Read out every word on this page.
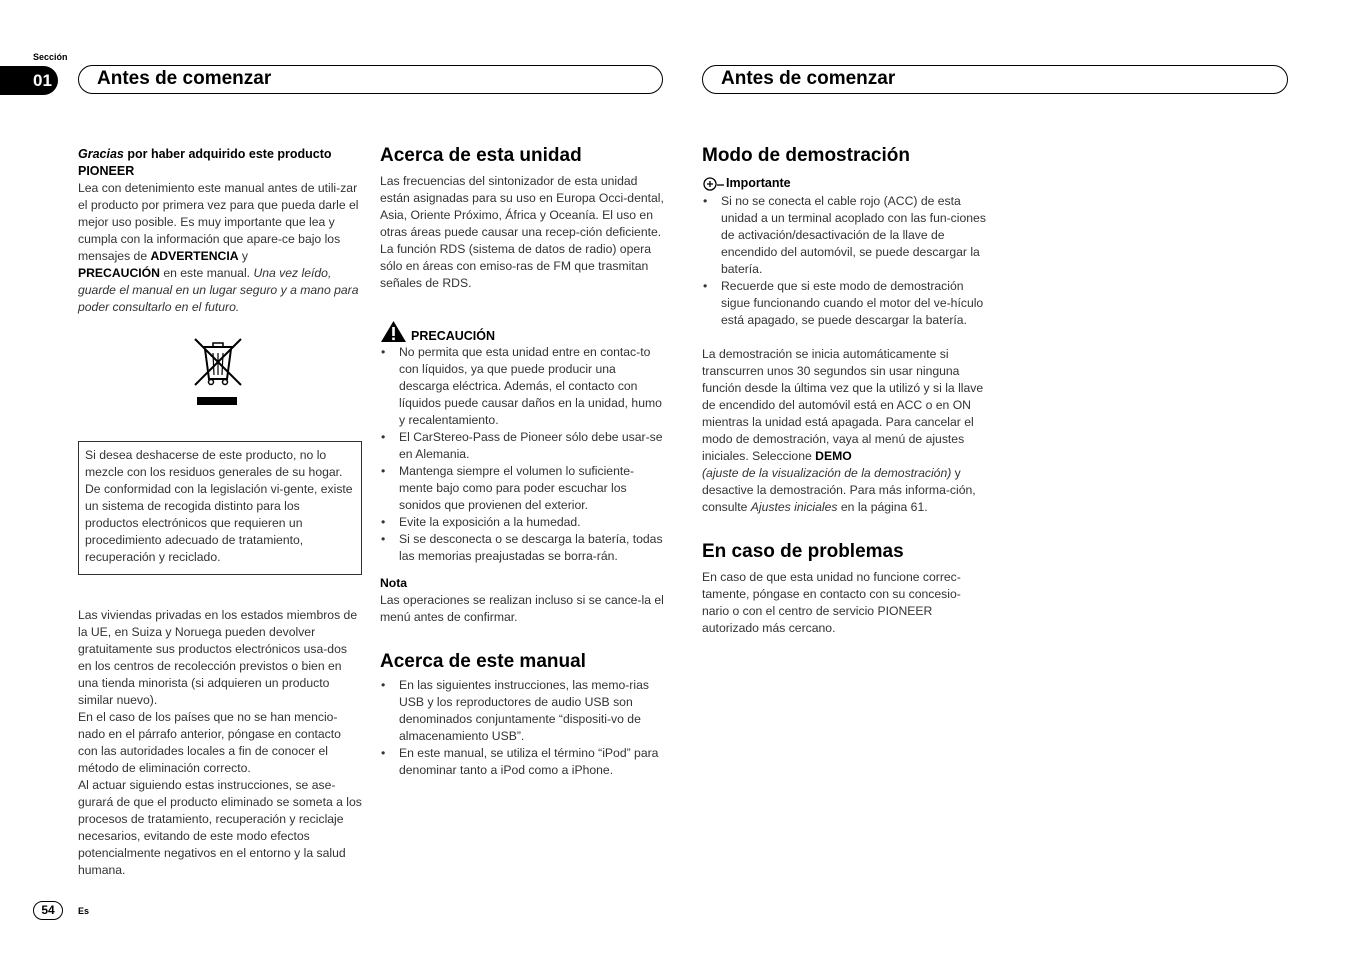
Sección
01	Antes de comenzar	Antes de comenzar

Gracias por haber adquirido este producto

PIONEER

Lea con detenimiento este manual antes de utili-zar el producto por primera vez para que pueda darle el mejor uso posible. Es muy importante que lea y cumpla con la información que apare-ce bajo los mensajes de ADVERTENCIA y
PRECAUCIÓN en este manual. Una vez leído, guarde el manual en un lugar seguro y a mano para poder consultarlo en el futuro.

Si desea deshacerse de este producto, no lo mezcle con los residuos generales de su hogar. De conformidad con la legislación vi-gente, existe un sistema de recogida distinto para los productos electrónicos que requieren un procedimiento adecuado de tratamiento, recuperación y reciclado.

Las viviendas privadas en los estados miembros de la UE, en Suiza y Noruega pueden devolver gratuitamente sus productos electrónicos usa-dos en los centros de recolección previstos o bien en una tienda minorista (si adquieren un producto similar nuevo).

En el caso de los países que no se han mencio-nado en el párrafo anterior, póngase en contacto con las autoridades locales a fin de conocer el método de eliminación correcto.

Al actuar siguiendo estas instrucciones, se ase-gurará de que el producto eliminado se someta a los procesos de tratamiento, recuperación y reciclaje necesarios, evitando de este modo efectos potencialmente negativos en el entorno y la salud humana.

Acerca de esta unidad

Las frecuencias del sintonizador de esta unidad están asignadas para su uso en Europa Occi-dental, Asia, Oriente Próximo, África y Oceanía. El uso en otras áreas puede causar una recep-ción deficiente. La función RDS (sistema de datos de radio) opera sólo en áreas con emiso-ras de FM que trasmitan señales de RDS.

PRECAUCIÓN
• No permita que esta unidad entre en contac-to con líquidos, ya que puede producir una descarga eléctrica. Además, el contacto con líquidos puede causar daños en la unidad, humo y recalentamiento.
• El CarStereo-Pass de Pioneer sólo debe usar-se en Alemania.
• Mantenga siempre el volumen lo suficiente-mente bajo como para poder escuchar los sonidos que provienen del exterior.
• Evite la exposición a la humedad.
• Si se desconecta o se descarga la batería, todas las memorias preajustadas se borra-rán.

Nota

Las operaciones se realizan incluso si se cance-la el menú antes de confirmar.

Acerca de este manual
• En las siguientes instrucciones, las memo-rias USB y los reproductores de audio USB son denominados conjuntamente “dispositi-vo de almacenamiento USB”.
• En este manual, se utiliza el término “iPod” para denominar tanto a iPod como a iPhone.
Modo de demostración
Importante
• Si no se conecta el cable rojo (ACC) de esta unidad a un terminal acoplado con las fun-ciones de activación/desactivación de la llave de encendido del automóvil, se puede descargar la batería.
• Recuerde que si este modo de demostración sigue funcionando cuando el motor del ve-hículo está apagado, se puede descargar la batería.

La demostración se inicia automáticamente si transcurren unos 30 segundos sin usar ninguna función desde la última vez que la utilizó y si la llave de encendido del automóvil está en ACC o en ON mientras la unidad está apagada. Para cancelar el modo de demostración, vaya al menú de ajustes iniciales. Seleccione DEMO
(ajuste de la visualización de la demostración) y desactive la demostración. Para más informa-ción, consulte Ajustes iniciales en la página 61.

En caso de problemas

En caso de que esta unidad no funcione correc-tamente, póngase en contacto con su concesio-nario o con el centro de servicio PIONEER autorizado más cercano.

54	Es
